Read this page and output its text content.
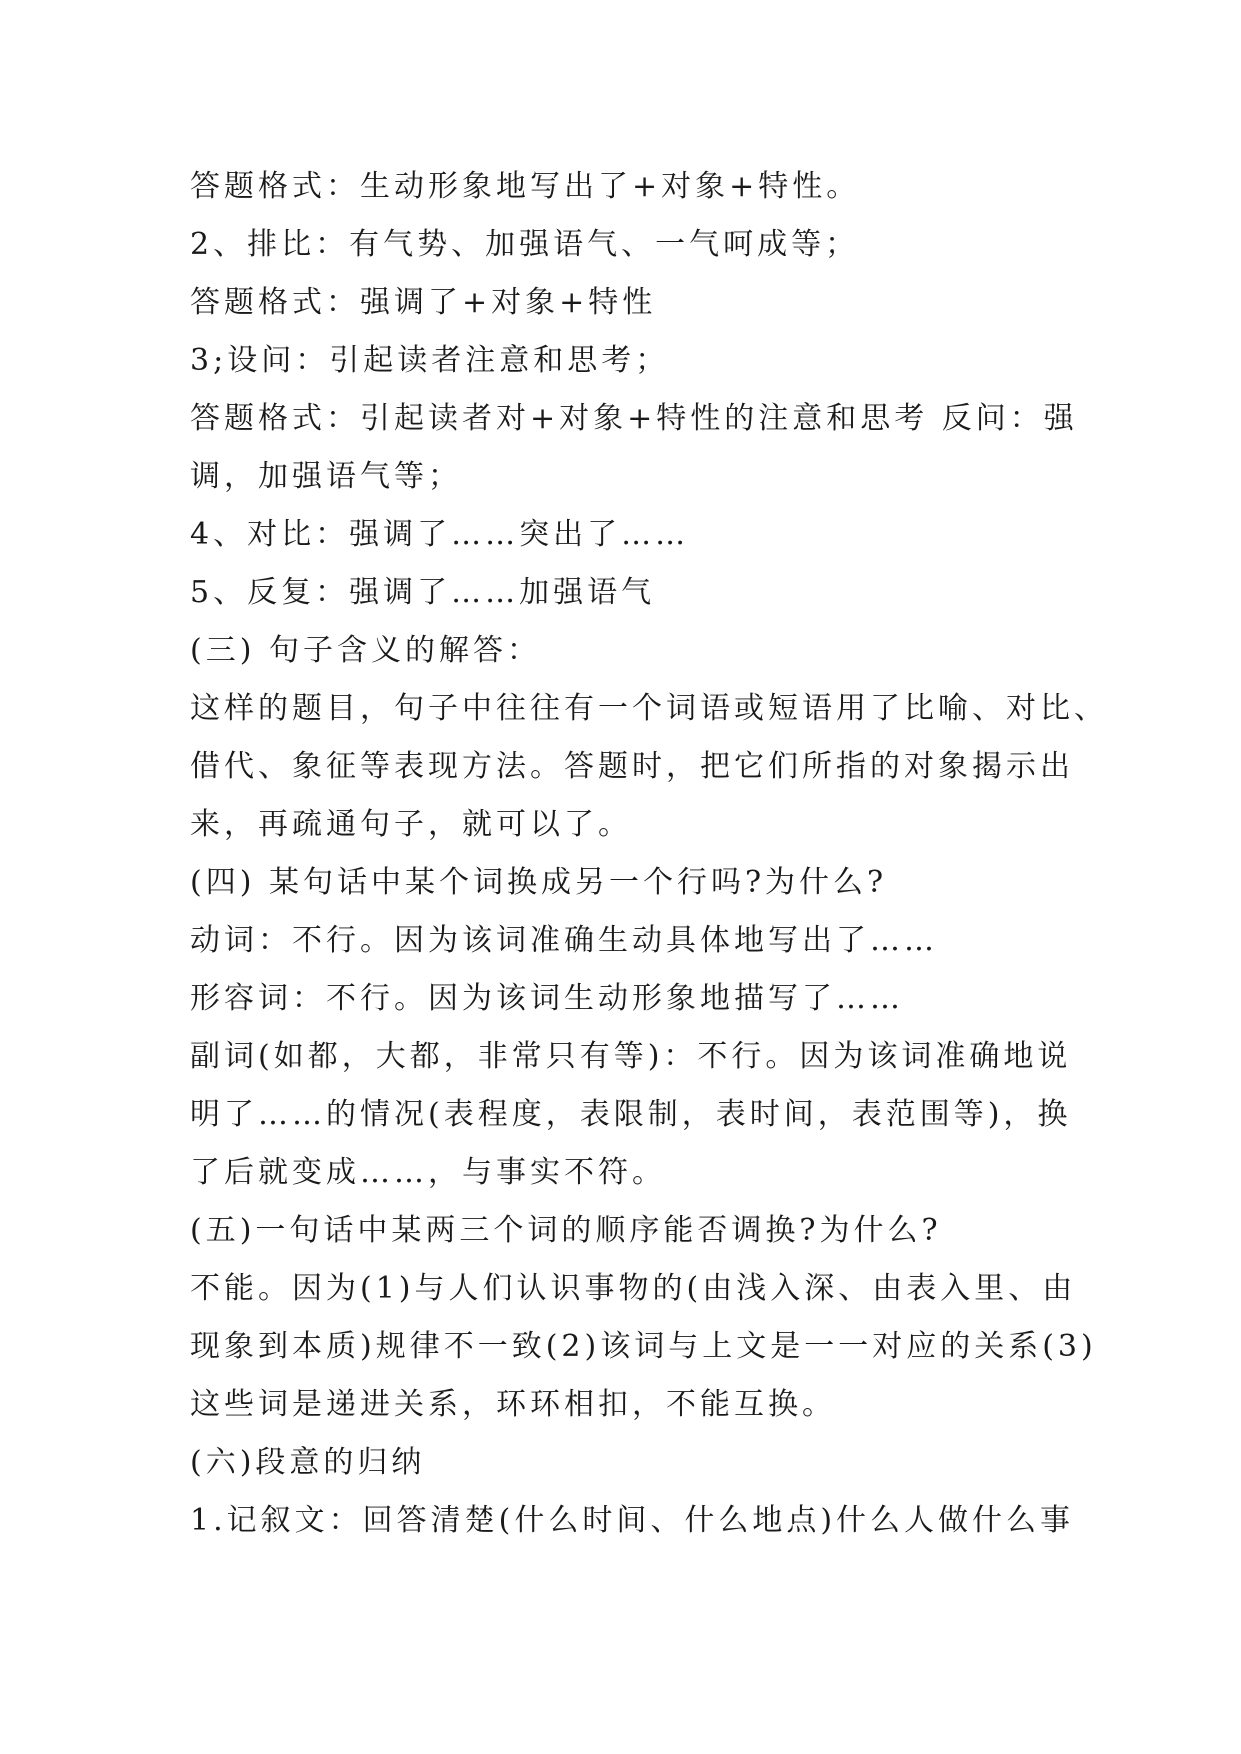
答题格式：生动形象地写出了+对象+特性。
2、排比：有气势、加强语气、一气呵成等；
答题格式：强调了+对象+特性
3;设问：引起读者注意和思考；
答题格式：引起读者对+对象+特性的注意和思考 反问：强
调，加强语气等；
4、对比：强调了……突出了……
5、反复：强调了……加强语气
(三) 句子含义的解答：
这样的题目，句子中往往有一个词语或短语用了比喻、对比、
借代、象征等表现方法。答题时，把它们所指的对象揭示出
来，再疏通句子，就可以了。
(四) 某句话中某个词换成另一个行吗?为什么?
动词：不行。因为该词准确生动具体地写出了……
形容词：不行。因为该词生动形象地描写了……
副词(如都，大都，非常只有等)：不行。因为该词准确地说
明了……的情况(表程度，表限制，表时间，表范围等)，换
了后就变成……，与事实不符。
(五)一句话中某两三个词的顺序能否调换?为什么?
不能。因为(1)与人们认识事物的(由浅入深、由表入里、由
现象到本质)规律不一致(2)该词与上文是一一对应的关系(3)
这些词是递进关系，环环相扣，不能互换。
(六)段意的归纳
1.记叙文：回答清楚(什么时间、什么地点)什么人做什么事
